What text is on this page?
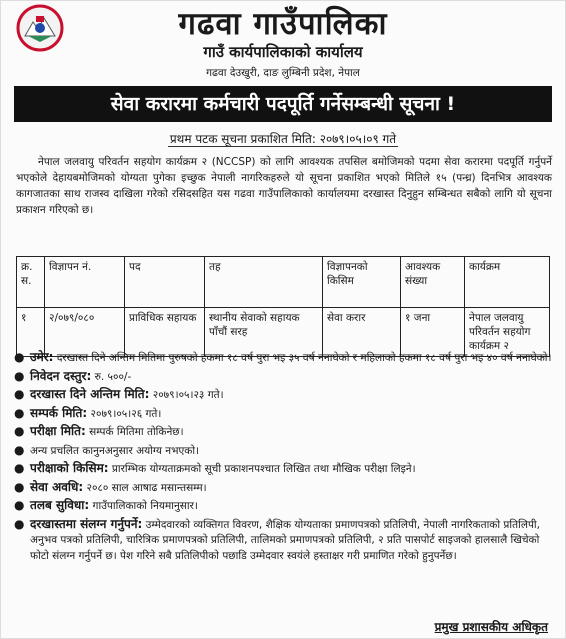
गढवा गाउँपालिका
गाउँ कार्यपालिकाको कार्यालय
गढवा देउखुरी, दाङ लुम्बिनी प्रदेश, नेपाल
सेवा करारमा कर्मचारी पदपूर्ति गर्नेसम्बन्धी सूचना !
प्रथम पटक सूचना प्रकाशित मिति: २०७९।०५।०९ गते
नेपाल जलवायु परिवर्तन सहयोग कार्यक्रम २ (NCCSP) को लागि आवश्यक तपसिल बमोजिमको पदमा सेवा करारमा पदपूर्ति गर्नुपर्ने भएकोले देहायबमोजिमको योग्यता पुगेका इच्छुक नेपाली नागरिकहरुले यो सूचना प्रकाशित भएको मितिले १५ (पन्ध्र) दिनभित्र आवश्यक कागजातका साथ राजस्व दाखिला गरेको रसिदसहित यस गढवा गाउँपालिकाको कार्यालयमा दरखास्त दिनुहुन सम्बिन्धत सबैको लागि यो सूचना प्रकाशन गरिएको छ।
क्र. स.	विज्ञापन नं.	पद	तह	विज्ञापनको किसिम	आवश्यक संख्या	कार्यक्रम
१	२/०७९/०८०	प्राविधिक सहायक	स्थानीय सेवाको सहायक पाँचौं सरह	सेवा करार	१ जना	नेपाल जलवायु परिवर्तन सहयोग कार्यक्रम २
● उमेर: दरखास्त दिने अन्तिम मितिमा पुरुषको हकमा १८ वर्ष पुरा भइ ३५ वर्ष ननाघेको र महिलाको हकमा १८ वर्ष पुरा भइ ४० वर्ष ननाघेको।
● निवेदन दस्तुर: रु. ५००/-
● दरखास्त दिने अन्तिम मिति: २०७९।०५।२३ गते।
● सम्पर्क मिति: २०७९।०५।२६ गते।
● परीक्षा मिति: सम्पर्क मितिमा तोकिनेछ।
● अन्य प्रचलित कानुनअनुसार अयोग्य नभएको।
● परीक्षाको किसिम: प्रारम्भिक योग्यताक्रमको सूची प्रकाशनपश्चात लिखित तथा मौखिक परीक्षा लिइने।
● सेवा अवधि: २०८० साल आषाढ मसान्तसम्म।
● तलब सुविधा: गाउँपालिकाको नियमानुसार।
● दरखास्तमा संलग्न गर्नुपर्ने: उम्मेदवारको व्यक्तिगत विवरण, शैक्षिक योग्यताका प्रमाणपत्रको प्रतिलिपी, नेपाली नागरिकताको प्रतिलिपी, अनुभव पत्रको प्रतिलिपी, चारित्रिक प्रमाणपत्रको प्रतिलिपी, तालिमको प्रमाणपत्रको प्रतिलिपी, २ प्रति पासपोर्ट साइजको हालसालै खिचेको फोटो संलग्न गर्नुपर्ने छ। पेश गरिने सबै प्रतिलिपीको पछाडि उम्मेदवार स्वयंले हस्ताक्षर गरी प्रमाणित गरेको हुनुपर्नेछ।
प्रमुख प्रशासकीय अधिकृत
